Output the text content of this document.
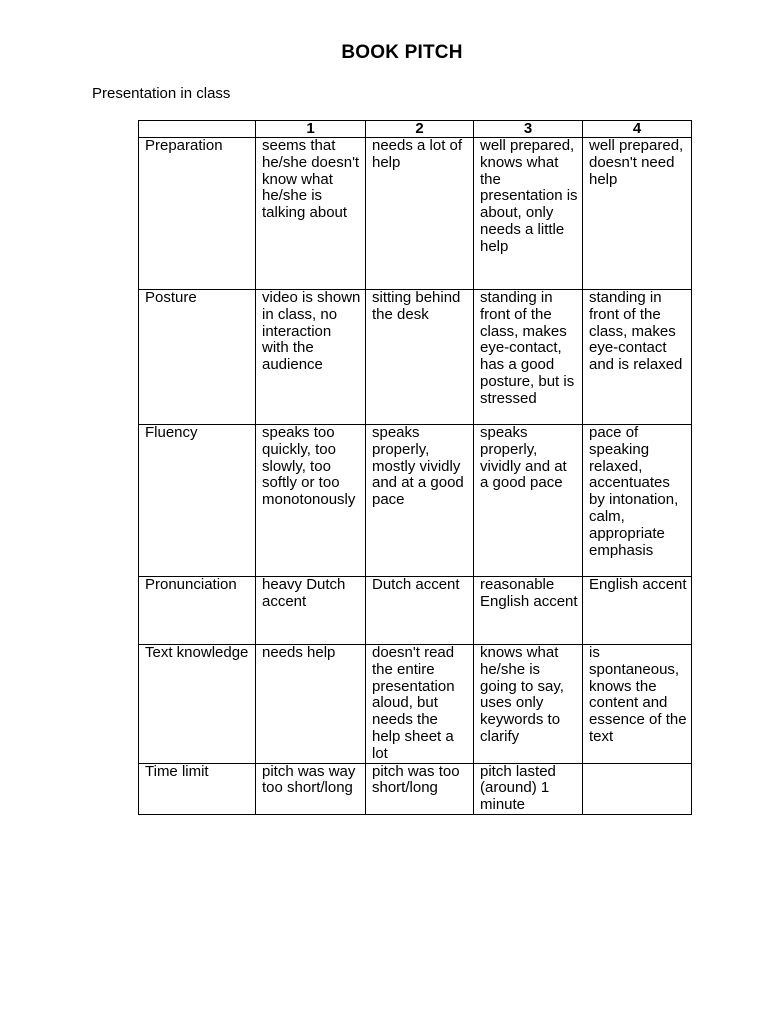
BOOK PITCH
Presentation in class
	1	2	3	4
Preparation	seems that he/she doesn't know what he/she is talking about	needs a lot of help	well prepared, knows what the presentation is about, only needs a little help	well prepared, doesn't need help
Posture	video is shown in class, no interaction with the audience	sitting behind the desk	standing in front of the class, makes eye-contact, has a good posture, but is stressed	standing in front of the class, makes eye-contact and is relaxed
Fluency	speaks too quickly, too slowly, too softly or too monotonously	speaks properly, mostly vividly and at a good pace	speaks properly, vividly and at a good pace	pace of speaking relaxed, accentuates by intonation, calm, appropriate emphasis
Pronunciation	heavy Dutch accent	Dutch accent	reasonable English accent	English accent
Text knowledge	needs help	doesn't read the entire presentation aloud, but needs the help sheet a lot	knows what he/she is going to say, uses only keywords to clarify	is spontaneous, knows the content and essence of the text
Time limit	pitch was way too short/long	pitch was too short/long	pitch lasted (around) 1 minute	
